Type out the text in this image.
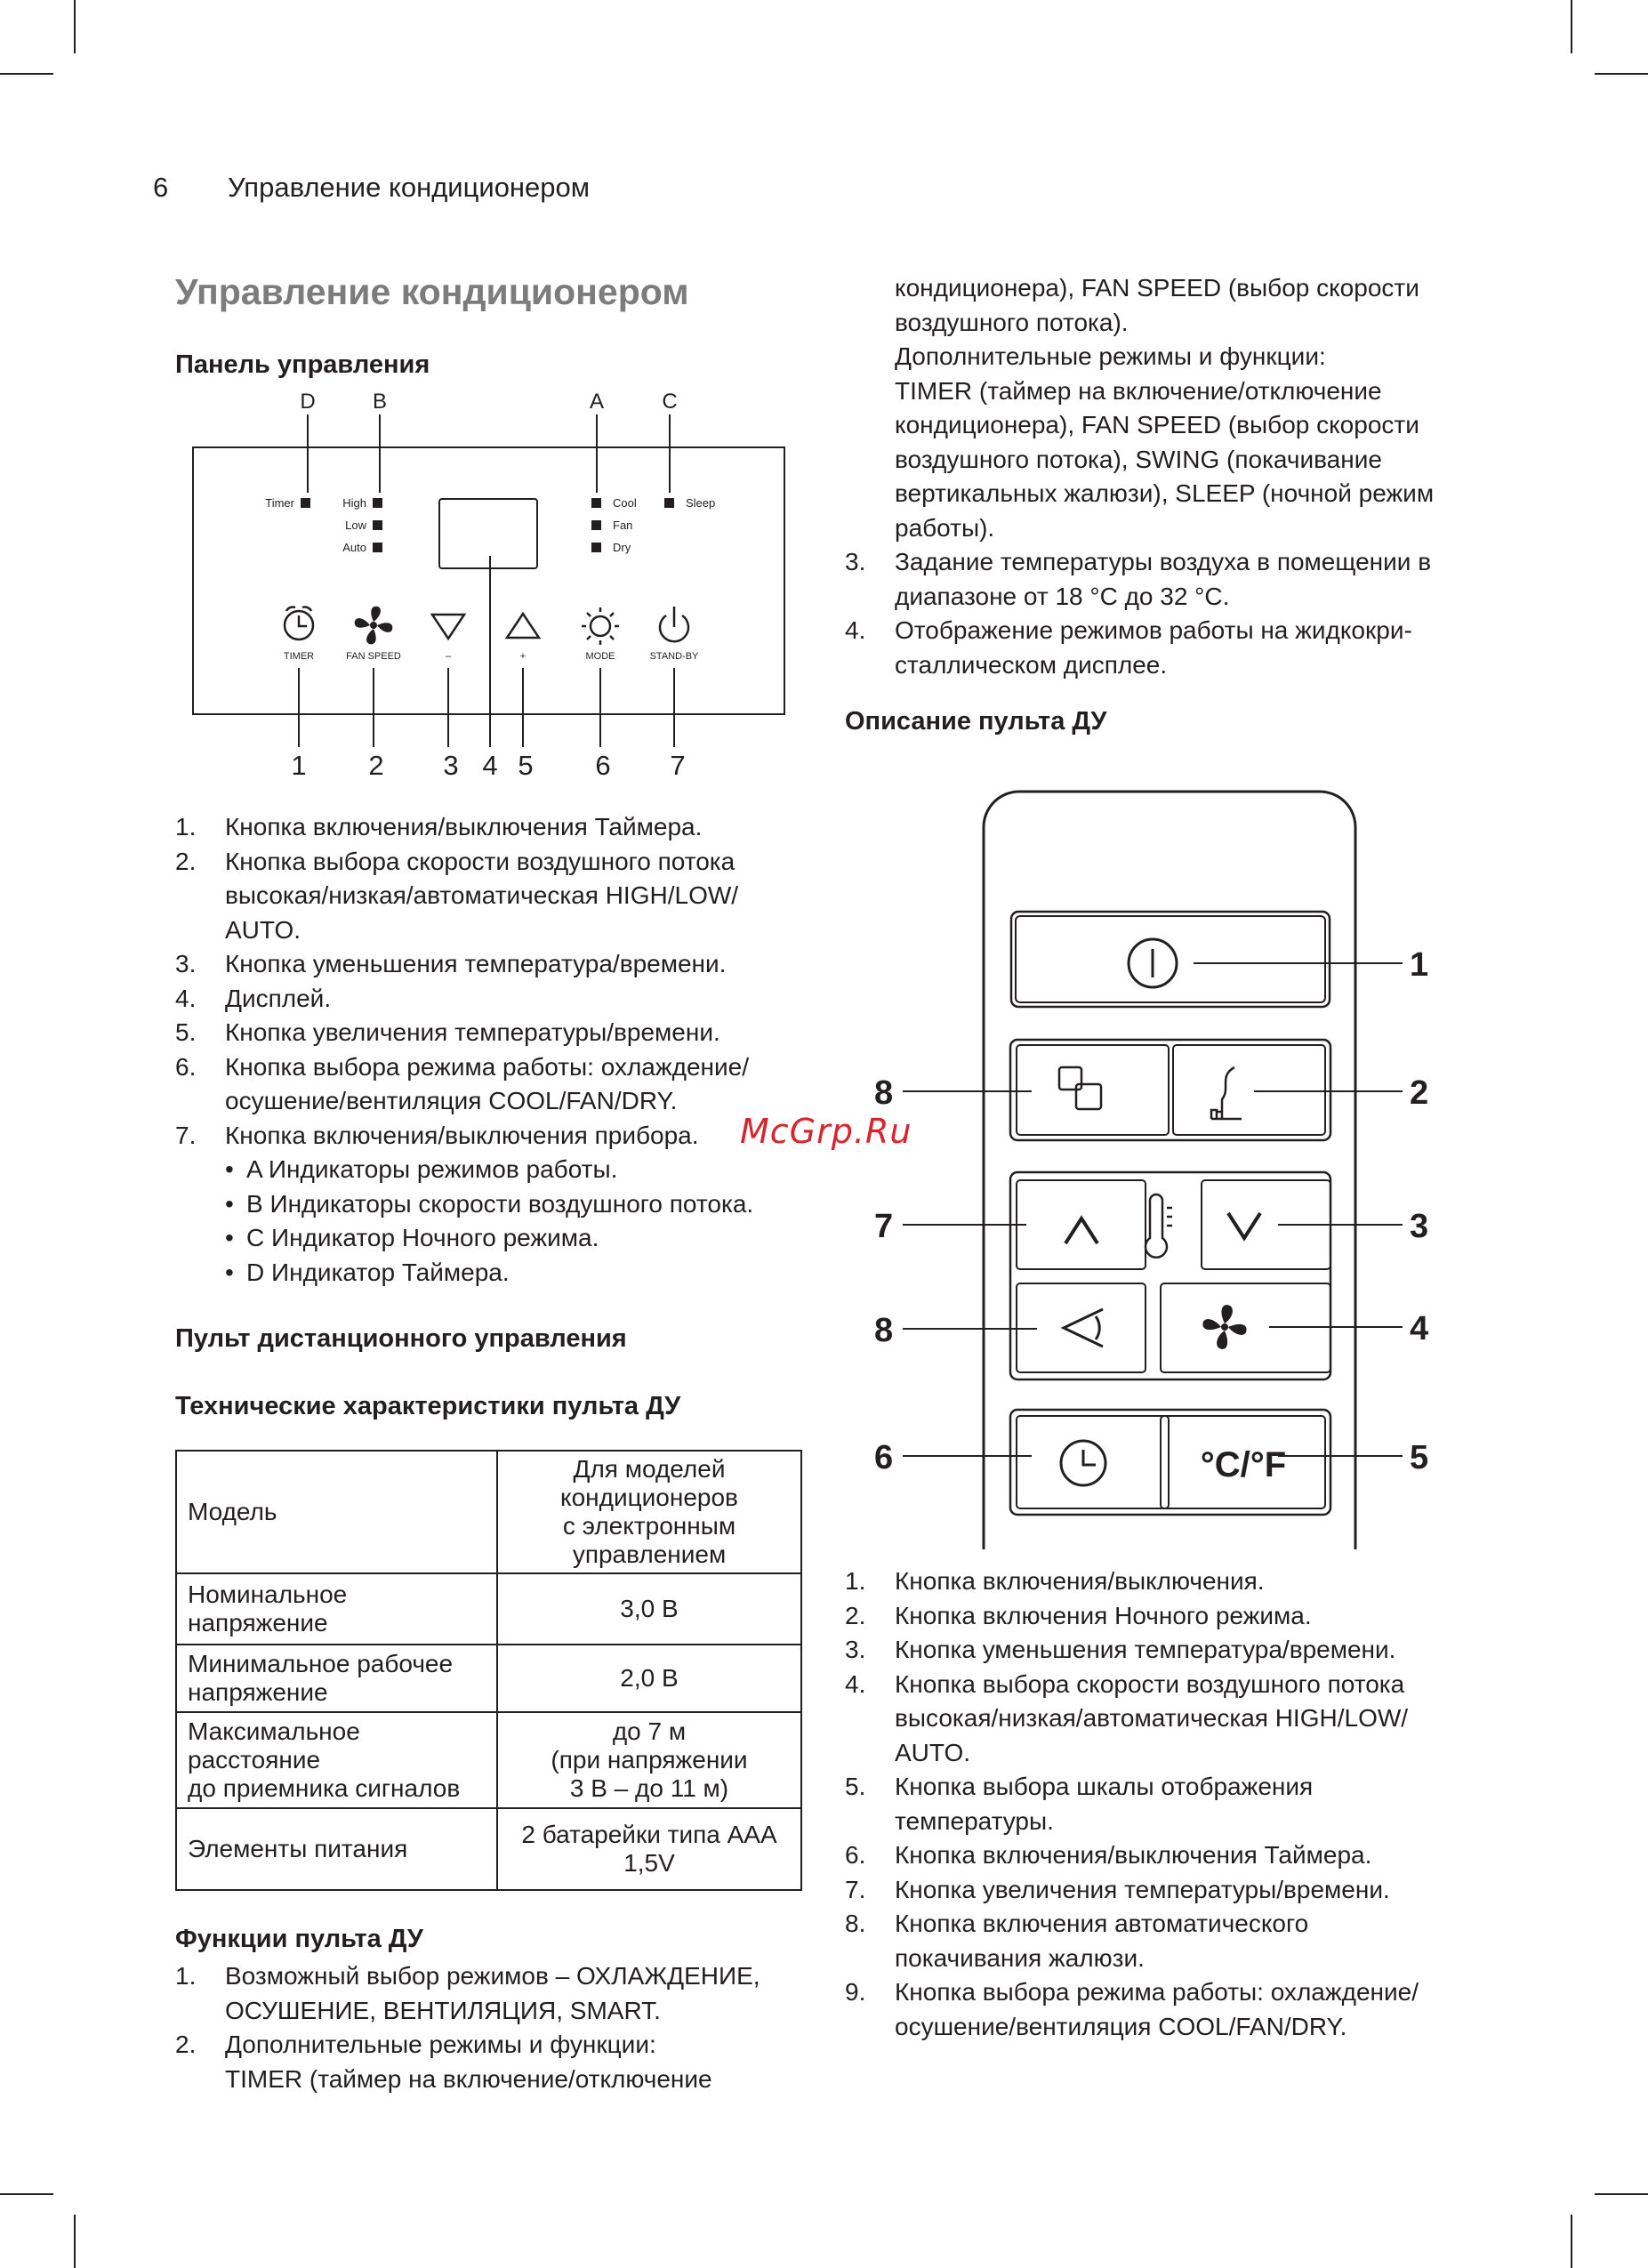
6 Управление кондиционером
Управление кондиционером
Панель управления
D	B	A	C
Timer	High
Low
Auto
Cool
Fan
Dry
Sleep
TIMER	FAN SPEED	–	+	MODE	STAND-BY
1 2 3 4 5 6 7
1. Кнопка включения/выключения Таймера.
2. Кнопка выбора скорости воздушного потока
высокая/низкая/автоматическая HIGH/LOW/
AUTO.
3. Кнопка уменьшения температура/времени.
4. Дисплей.
5. Кнопка увеличения температуры/времени.
6. Кнопка выбора режима работы: охлаждение/
осушение/вентиляция COOL/FAN/DRY.
7. Кнопка включения/выключения прибора.
• A Индикаторы режимов работы.
• B Индикаторы скорости воздушного потока.
• C Индикатор Ночного режима.
• D Индикатор Таймера.
McGrp.Ru
Пульт дистанционного управления
Технические характеристики пульта ДУ
Модель	Для моделей
кондиционеров
с электронным
управлением
Номинальное
напряжение	3,0 В
Минимальное рабочее
напряжение	2,0 В
Максимальное
расстояние
до приемника сигналов	до 7 м
(при напряжении
3 В – до 11 м)
Элементы питания	2 батарейки типа ААА
1,5V
Функции пульта ДУ
1. Возможный выбор режимов – ОХЛАЖДЕНИЕ,
ОСУШЕНИЕ, ВЕНТИЛЯЦИЯ, SMART.
2. Дополнительные режимы и функции:
TIMER (таймер на включение/отключение
кондиционера), FAN SPEED (выбор скорости
воздушного потока).
Дополнительные режимы и функции:
TIMER (таймер на включение/отключение
кондиционера), FAN SPEED (выбор скорости
воздушного потока), SWING (покачивание
вертикальных жалюзи), SLEEP (ночной режим
работы).
3. Задание температуры воздуха в помещении в
диапазоне от 18 °С до 32 °С.
4. Отображение режимов работы на жидкокри-
сталлическом дисплее.
Описание пульта ДУ
°C/°F
1
2
3
4
5
8
7
8
6
1. Кнопка включения/выключения.
2. Кнопка включения Ночного режима.
3. Кнопка уменьшения температура/времени.
4. Кнопка выбора скорости воздушного потока
высокая/низкая/автоматическая HIGH/LOW/
AUTO.
5. Кнопка выбора шкалы отображения
температуры.
6. Кнопка включения/выключения Таймера.
7. Кнопка увеличения температуры/времени.
8. Кнопка включения автоматического
покачивания жалюзи.
9. Кнопка выбора режима работы: охлаждение/
осушение/вентиляция COOL/FAN/DRY.
